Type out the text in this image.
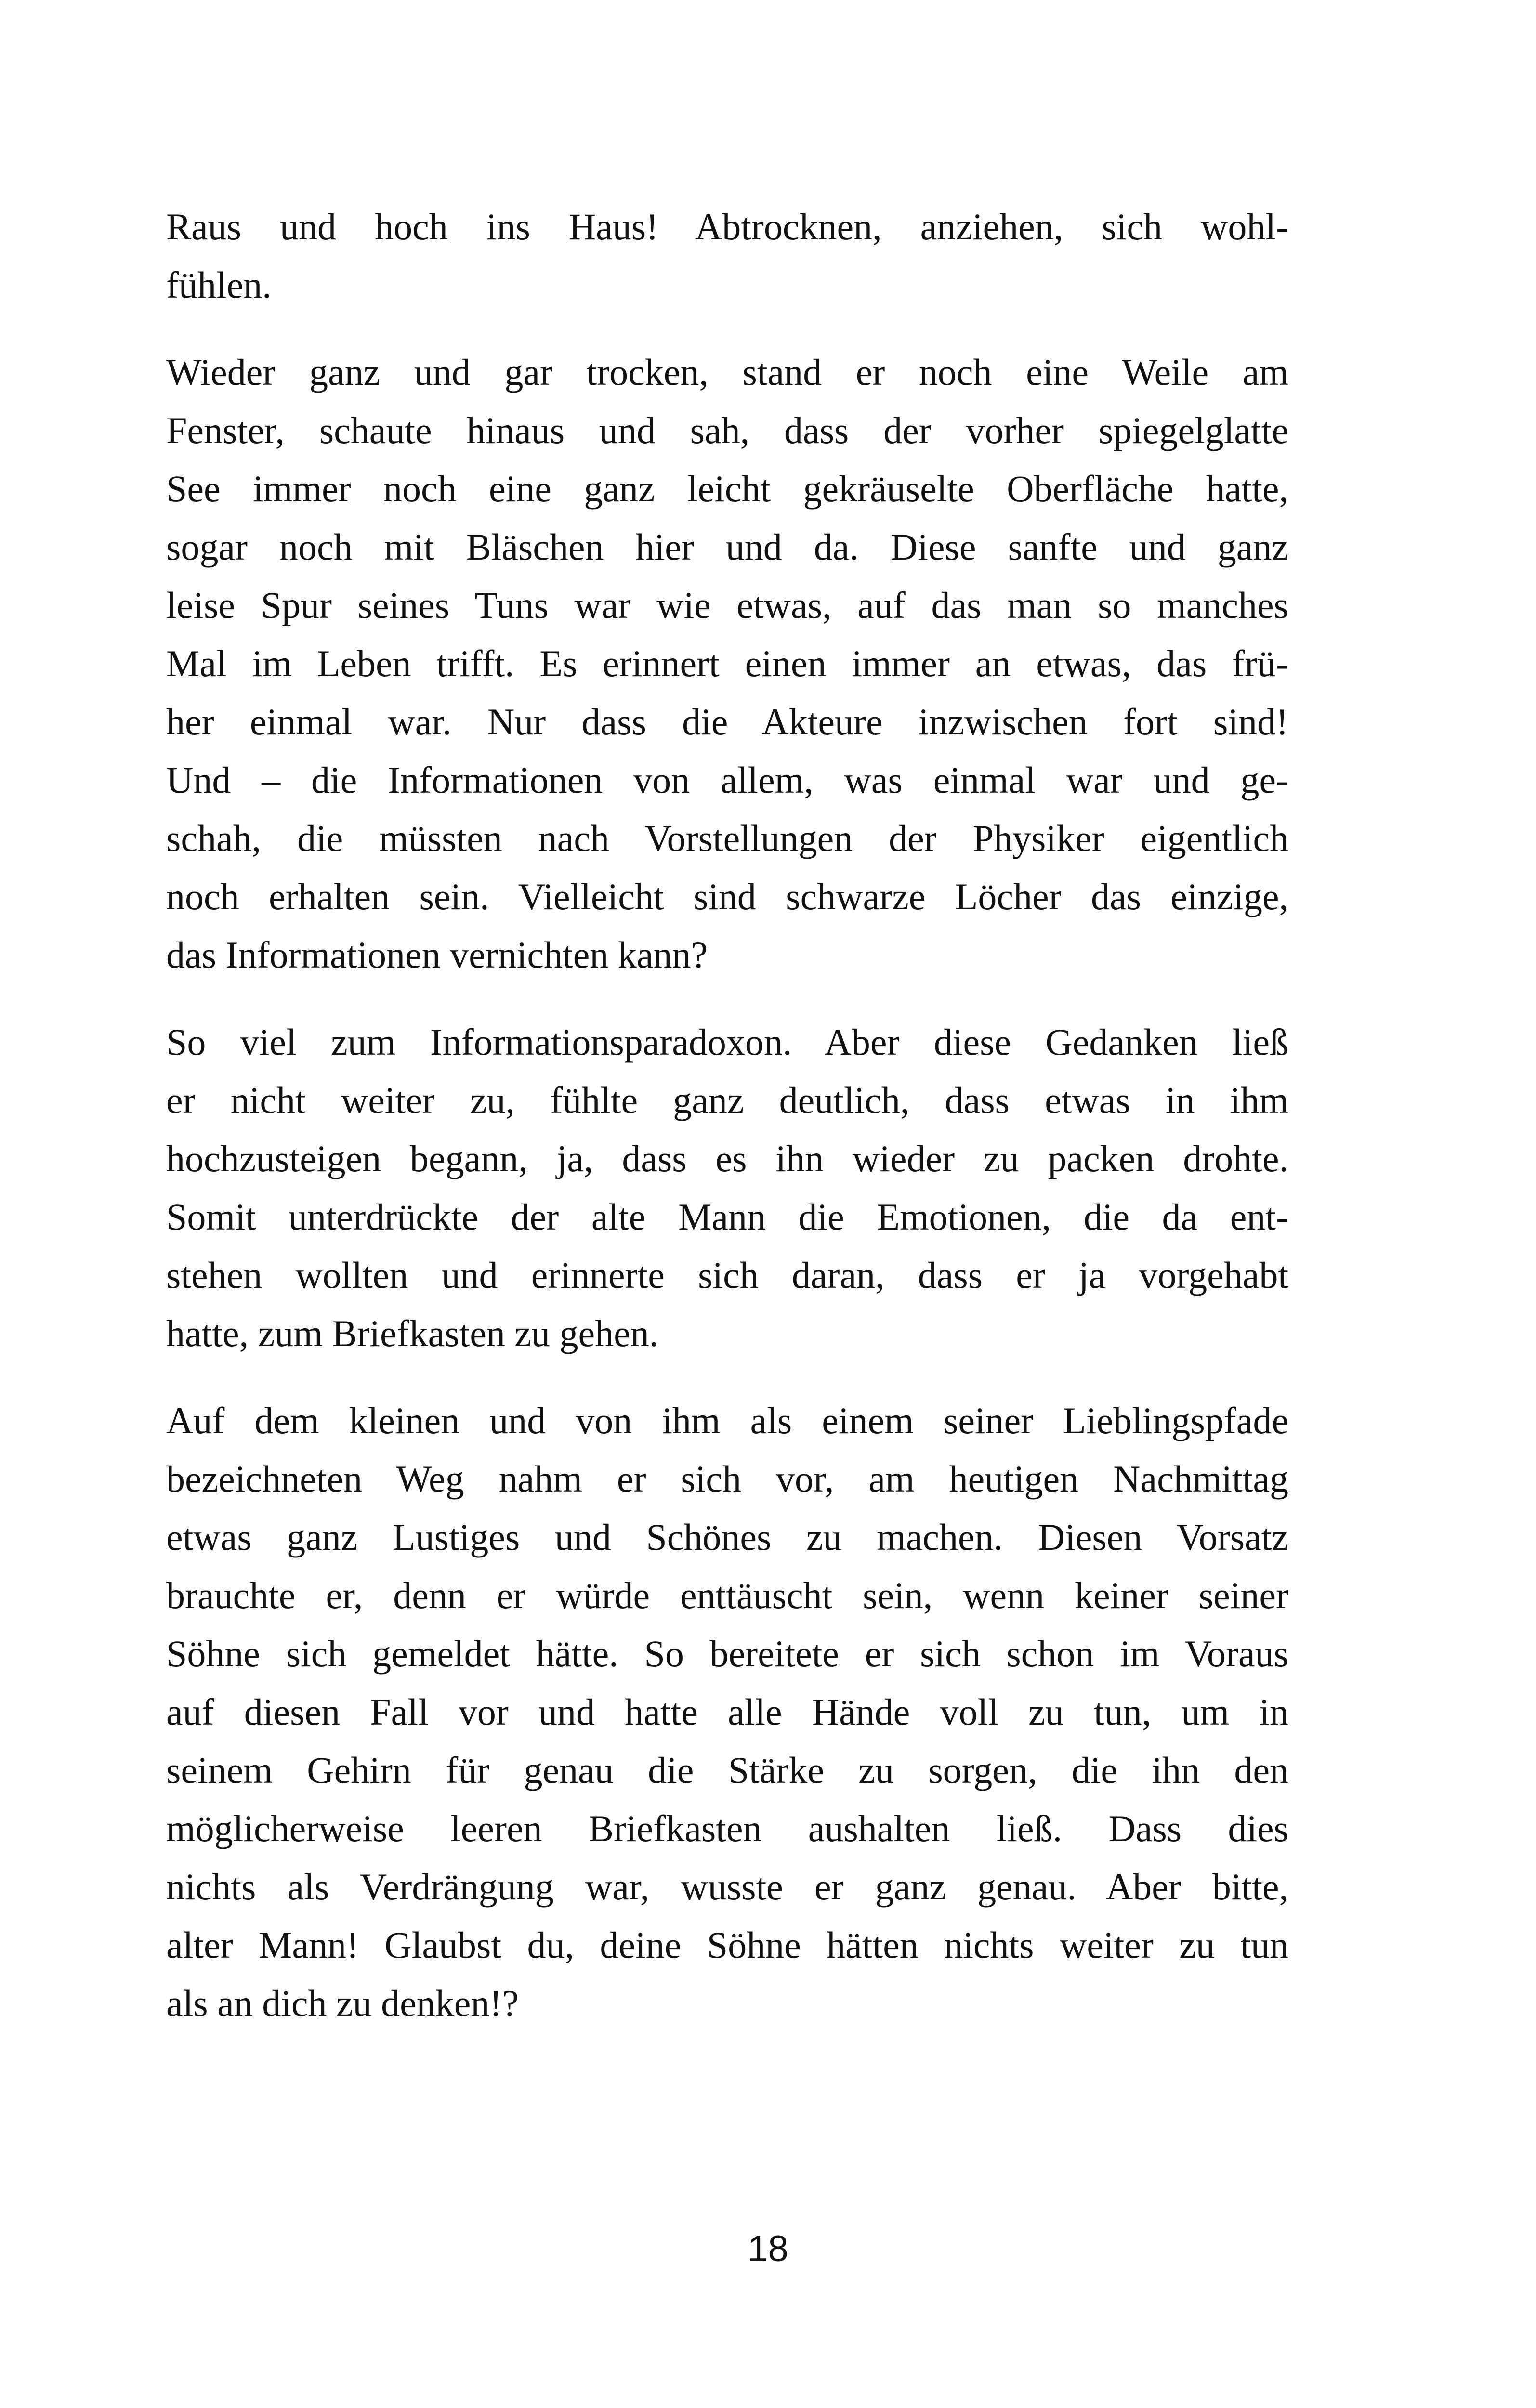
Raus und hoch ins Haus! Abtrocknen, anziehen, sich wohl-
fühlen.

Wieder ganz und gar trocken, stand er noch eine Weile am
Fenster, schaute hinaus und sah, dass der vorher spiegelglatte
See immer noch eine ganz leicht gekräuselte Oberfläche hatte,
sogar noch mit Bläschen hier und da. Diese sanfte und ganz
leise Spur seines Tuns war wie etwas, auf das man so manches
Mal im Leben trifft. Es erinnert einen immer an etwas, das frü-
her einmal war. Nur dass die Akteure inzwischen fort sind!
Und – die Informationen von allem, was einmal war und ge-
schah, die müssten nach Vorstellungen der Physiker eigentlich
noch erhalten sein. Vielleicht sind schwarze Löcher das einzige,
das Informationen vernichten kann?

So viel zum Informationsparadoxon. Aber diese Gedanken ließ
er nicht weiter zu, fühlte ganz deutlich, dass etwas in ihm
hochzusteigen begann, ja, dass es ihn wieder zu packen drohte.
Somit unterdrückte der alte Mann die Emotionen, die da ent-
stehen wollten und erinnerte sich daran, dass er ja vorgehabt
hatte, zum Briefkasten zu gehen.

Auf dem kleinen und von ihm als einem seiner Lieblingspfade
bezeichneten Weg nahm er sich vor, am heutigen Nachmittag
etwas ganz Lustiges und Schönes zu machen. Diesen Vorsatz
brauchte er, denn er würde enttäuscht sein, wenn keiner seiner
Söhne sich gemeldet hätte. So bereitete er sich schon im Voraus
auf diesen Fall vor und hatte alle Hände voll zu tun, um in
seinem Gehirn für genau die Stärke zu sorgen, die ihn den
möglicherweise leeren Briefkasten aushalten ließ. Dass dies
nichts als Verdrängung war, wusste er ganz genau. Aber bitte,
alter Mann! Glaubst du, deine Söhne hätten nichts weiter zu tun
als an dich zu denken!?

18
